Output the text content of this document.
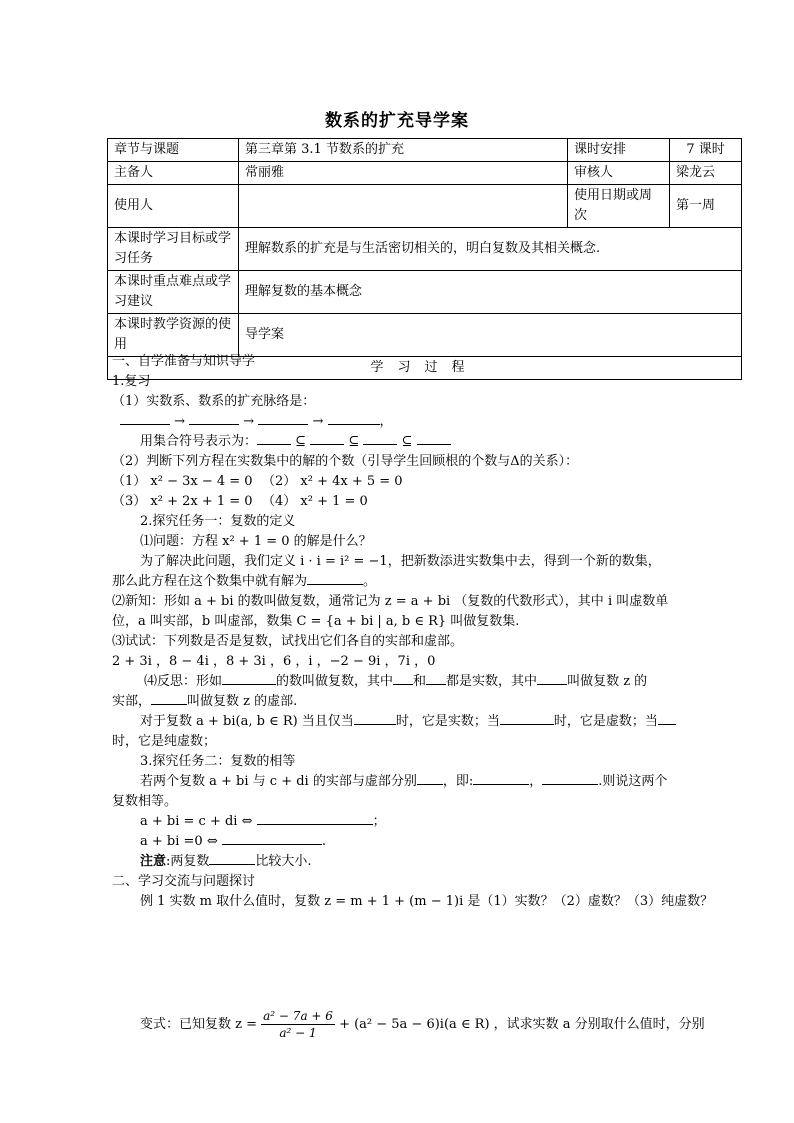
数系的扩充导学案
章节与课题	第三章第 3.1 节数系的扩充	课时安排	7 课时
主备人	常丽雅	审核人	梁龙云
使用人		使用日期或周次	第一周
本课时学习目标或学习任务	理解数系的扩充是与生活密切相关的，明白复数及其相关概念.		
本课时重点难点或学习建议	理解复数的基本概念		
本课时教学资源的使用	导学案		
学习过程			
一、自学准备与知识导学
1.复习
（1）实数系、数系的扩充脉络是：
→	→	→	，
用集合符号表示为：	⊆	⊆	⊆
（2）判断下列方程在实数集中的解的个数（引导学生回顾根的个数与Δ的关系）：
（1） x² − 3x − 4 = 0 （2） x² + 4x + 5 = 0
（3） x² + 2x + 1 = 0 （4） x² + 1 = 0
2.探究任务一：复数的定义
⑴问题：方程 x² + 1 = 0 的解是什么？
为了解决此问题，我们定义 i · i = i² = −1，把新数添进实数集中去，得到一个新的数集，
那么此方程在这个数集中就有解为	。
⑵新知：形如 a + bi 的数叫做复数，通常记为 z = a + bi （复数的代数形式），其中 i 叫虚数单
位，a 叫实部，b 叫虚部，数集 C = {a + bi | a, b ∈ R} 叫做复数集.
⑶试试：下列数是否是复数，试找出它们各自的实部和虚部。
2 + 3i ，8 − 4i ，8 + 3i ，6 ，i ，−2 − 9i ，7i ，0
⑷反思：形如	的数叫做复数，其中 和 都是实数，其中 叫做复数 z 的
实部，	叫做复数 z 的虚部.
对于复数 a + bi(a, b ∈ R) 当且仅当	时，它是实数；当	时，它是虚数；当
时，它是纯虚数；
3.探究任务二：复数的相等
若两个复数 a + bi 与 c + di 的实部与虚部分别 ，即:	，	.则说这两个
复数相等。
a + bi = c + di ⇔	；
a + bi =0 ⇔	.
注意:两复数	比较大小.
二、学习交流与问题探讨
例 1 实数 m 取什么值时，复数 z = m + 1 + (m − 1)i 是（1）实数？（2）虚数？（3）纯虚数？
变式：已知复数 $z = \frac{\text{a² − 7a + 6}}{\text{a² − 1}} + (a^2 - 5a - 6)i(a$ ∈ R) ，试求实数 a 分别取什么值时，分别
